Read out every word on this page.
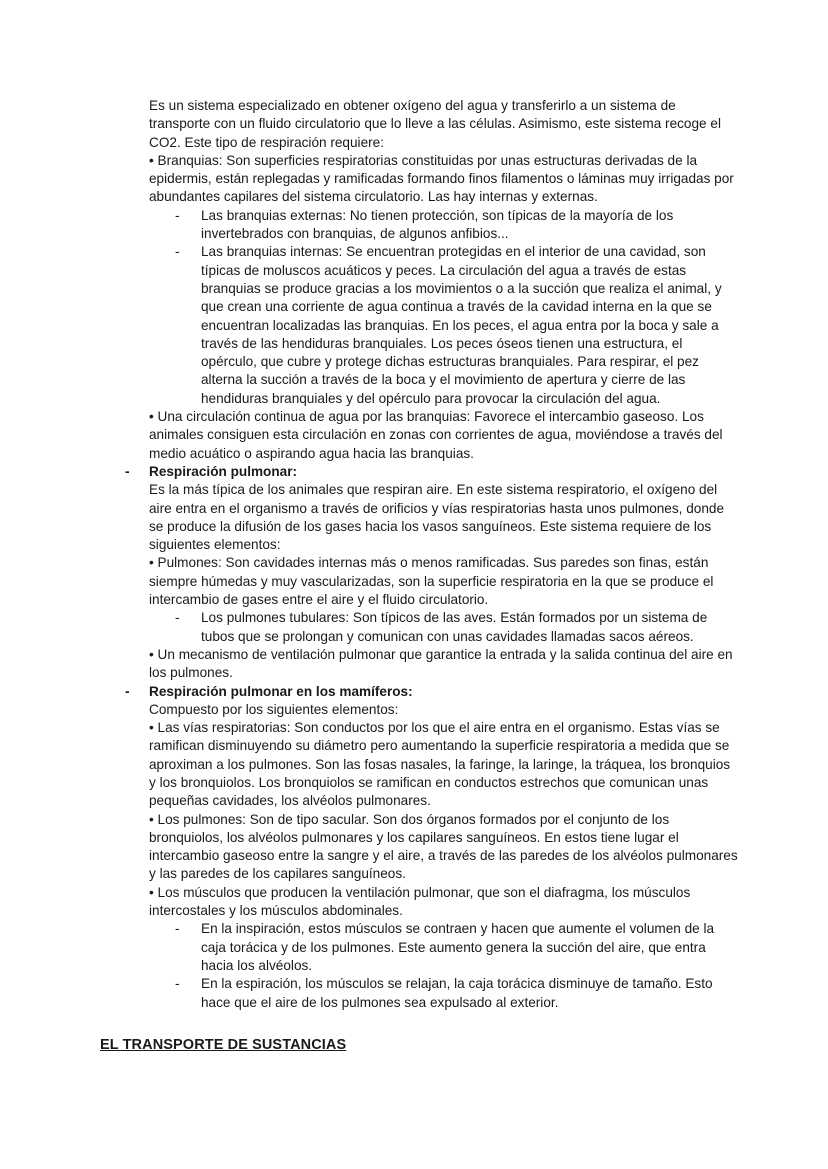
Es un sistema especializado en obtener oxígeno del agua y transferirlo a un sistema de transporte con un fluido circulatorio que lo lleve a las células. Asimismo, este sistema recoge el CO2. Este tipo de respiración requiere:

• Branquias: Son superficies respiratorias constituidas por unas estructuras derivadas de la epidermis, están replegadas y ramificadas formando finos filamentos o láminas muy irrigadas por abundantes capilares del sistema circulatorio. Las hay internas y externas.

- Las branquias externas: No tienen protección, son típicas de la mayoría de los invertebrados con branquias, de algunos anfibios...

- Las branquias internas: Se encuentran protegidas en el interior de una cavidad, son típicas de moluscos acuáticos y peces. La circulación del agua a través de estas branquias se produce gracias a los movimientos o a la succión que realiza el animal, y que crean una corriente de agua continua a través de la cavidad interna en la que se encuentran localizadas las branquias. En los peces, el agua entra por la boca y sale a través de las hendiduras branquiales. Los peces óseos tienen una estructura, el opérculo, que cubre y protege dichas estructuras branquiales. Para respirar, el pez alterna la succión a través de la boca y el movimiento de apertura y cierre de las hendiduras branquiales y del opérculo para provocar la circulación del agua.

• Una circulación continua de agua por las branquias: Favorece el intercambio gaseoso. Los animales consiguen esta circulación en zonas con corrientes de agua, moviéndose a través del medio acuático o aspirando agua hacia las branquias.

- Respiración pulmonar:

Es la más típica de los animales que respiran aire. En este sistema respiratorio, el oxígeno del aire entra en el organismo a través de orificios y vías respiratorias hasta unos pulmones, donde se produce la difusión de los gases hacia los vasos sanguíneos. Este sistema requiere de los siguientes elementos:

• Pulmones: Son cavidades internas más o menos ramificadas. Sus paredes son finas, están siempre húmedas y muy vascularizadas, son la superficie respiratoria en la que se produce el intercambio de gases entre el aire y el fluido circulatorio.

- Los pulmones tubulares: Son típicos de las aves. Están formados por un sistema de tubos que se prolongan y comunican con unas cavidades llamadas sacos aéreos.

• Un mecanismo de ventilación pulmonar que garantice la entrada y la salida continua del aire en los pulmones.

- Respiración pulmonar en los mamíferos:

Compuesto por los siguientes elementos:

• Las vías respiratorias: Son conductos por los que el aire entra en el organismo. Estas vías se ramifican disminuyendo su diámetro pero aumentando la superficie respiratoria a medida que se aproximan a los pulmones. Son las fosas nasales, la faringe, la laringe, la tráquea, los bronquios y los bronquiolos. Los bronquiolos se ramifican en conductos estrechos que comunican unas pequeñas cavidades, los alvéolos pulmonares.

• Los pulmones: Son de tipo sacular. Son dos órganos formados por el conjunto de los bronquiolos, los alvéolos pulmonares y los capilares sanguíneos. En estos tiene lugar el intercambio gaseoso entre la sangre y el aire, a través de las paredes de los alvéolos pulmonares y las paredes de los capilares sanguíneos.

• Los músculos que producen la ventilación pulmonar, que son el diafragma, los músculos intercostales y los músculos abdominales.

- En la inspiración, estos músculos se contraen y hacen que aumente el volumen de la caja torácica y de los pulmones. Este aumento genera la succión del aire, que entra hacia los alvéolos.

- En la espiración, los músculos se relajan, la caja torácica disminuye de tamaño. Esto hace que el aire de los pulmones sea expulsado al exterior.

EL TRANSPORTE DE SUSTANCIAS
